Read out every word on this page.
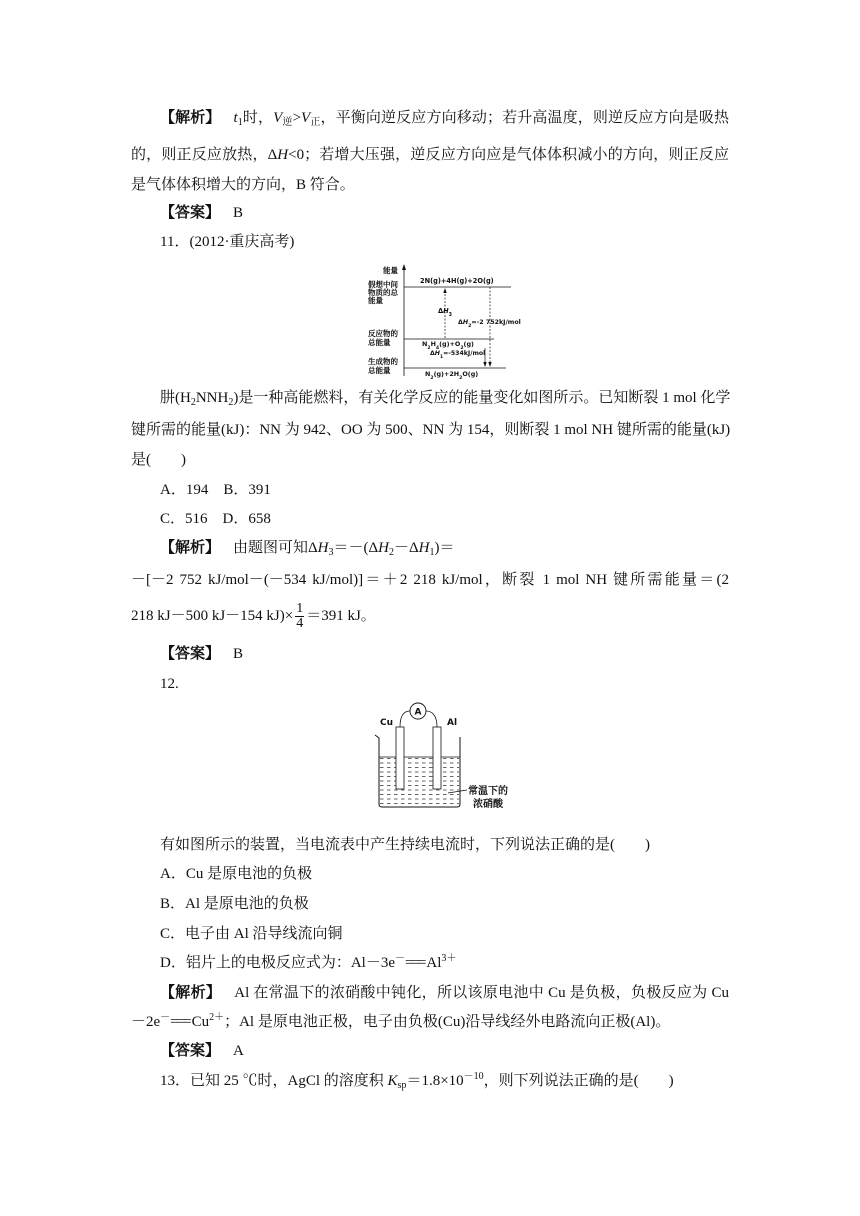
【解析】 $t_1$时，$V_逆>V_正$，平衡向逆反应方向移动；若升高温度，则逆反应方向是吸热
的，则正反应放热，ΔH<0；若增大压强，逆反应方向应是气体体积减小的方向，则正反应
是气体体积增大的方向，B 符合。
【答案】 B
11．(2012·重庆高考)
能量
假想中间物质的总能量
2N(g)+4H(g)+2O(g)
$\Delta H_3$
$\Delta H_2=-2$ 752kJ/mol
反应物的总能量	$N_2H_4(g)+O_2(g)$
$\Delta H_1=-534kJ$/mol
生成物的总能量	$N_2(g)+2H_2O(g)$
肼$(H_2NNH_2)$是一种高能燃料，有关化学反应的能量变化如图所示。已知断裂 1 mol 化学
键所需的能量(kJ)：NN 为 942、OO 为 500、NN 为 154，则断裂 1 mol NH 键所需的能量(kJ)
是(　　)
A．194　B．391
C．516　D．658
【解析】 由题图可知$\Delta H_3=-(\Delta H_2-\Delta H_1)=$
－[－2 752 kJ/mol－(－534 kJ/mol)]＝＋2 218 kJ/mol，断裂 1 mol NH 键所需能量＝(2
218 kJ－500 kJ－154 $kJ)\times \frac{1}{4} =391$ kJ。
【答案】 B
12.
A
Cu	Al
常温下的浓硝酸
有如图所示的装置，当电流表中产生持续电流时，下列说法正确的是(　　)
A．Cu 是原电池的负极
B．Al 是原电池的负极
C．电子由 Al 沿导线流向铜
D．铝片上的电极反应式为：$Al-3e^-=== Al^{3+}$
【解析】 Al 在常温下的浓硝酸中钝化，所以该原电池中 Cu 是负极，负极反应为 Cu
$-2e^-=== Cu^{2+}$；Al 是原电池正极，电子由负极(Cu)沿导线经外电路流向正极(Al)。
【答案】 A
13．已知 25 ℃时，AgCl 的溶度积 $K_{sp}=1.8\times 10^{-10}$，则下列说法正确的是(　　)
